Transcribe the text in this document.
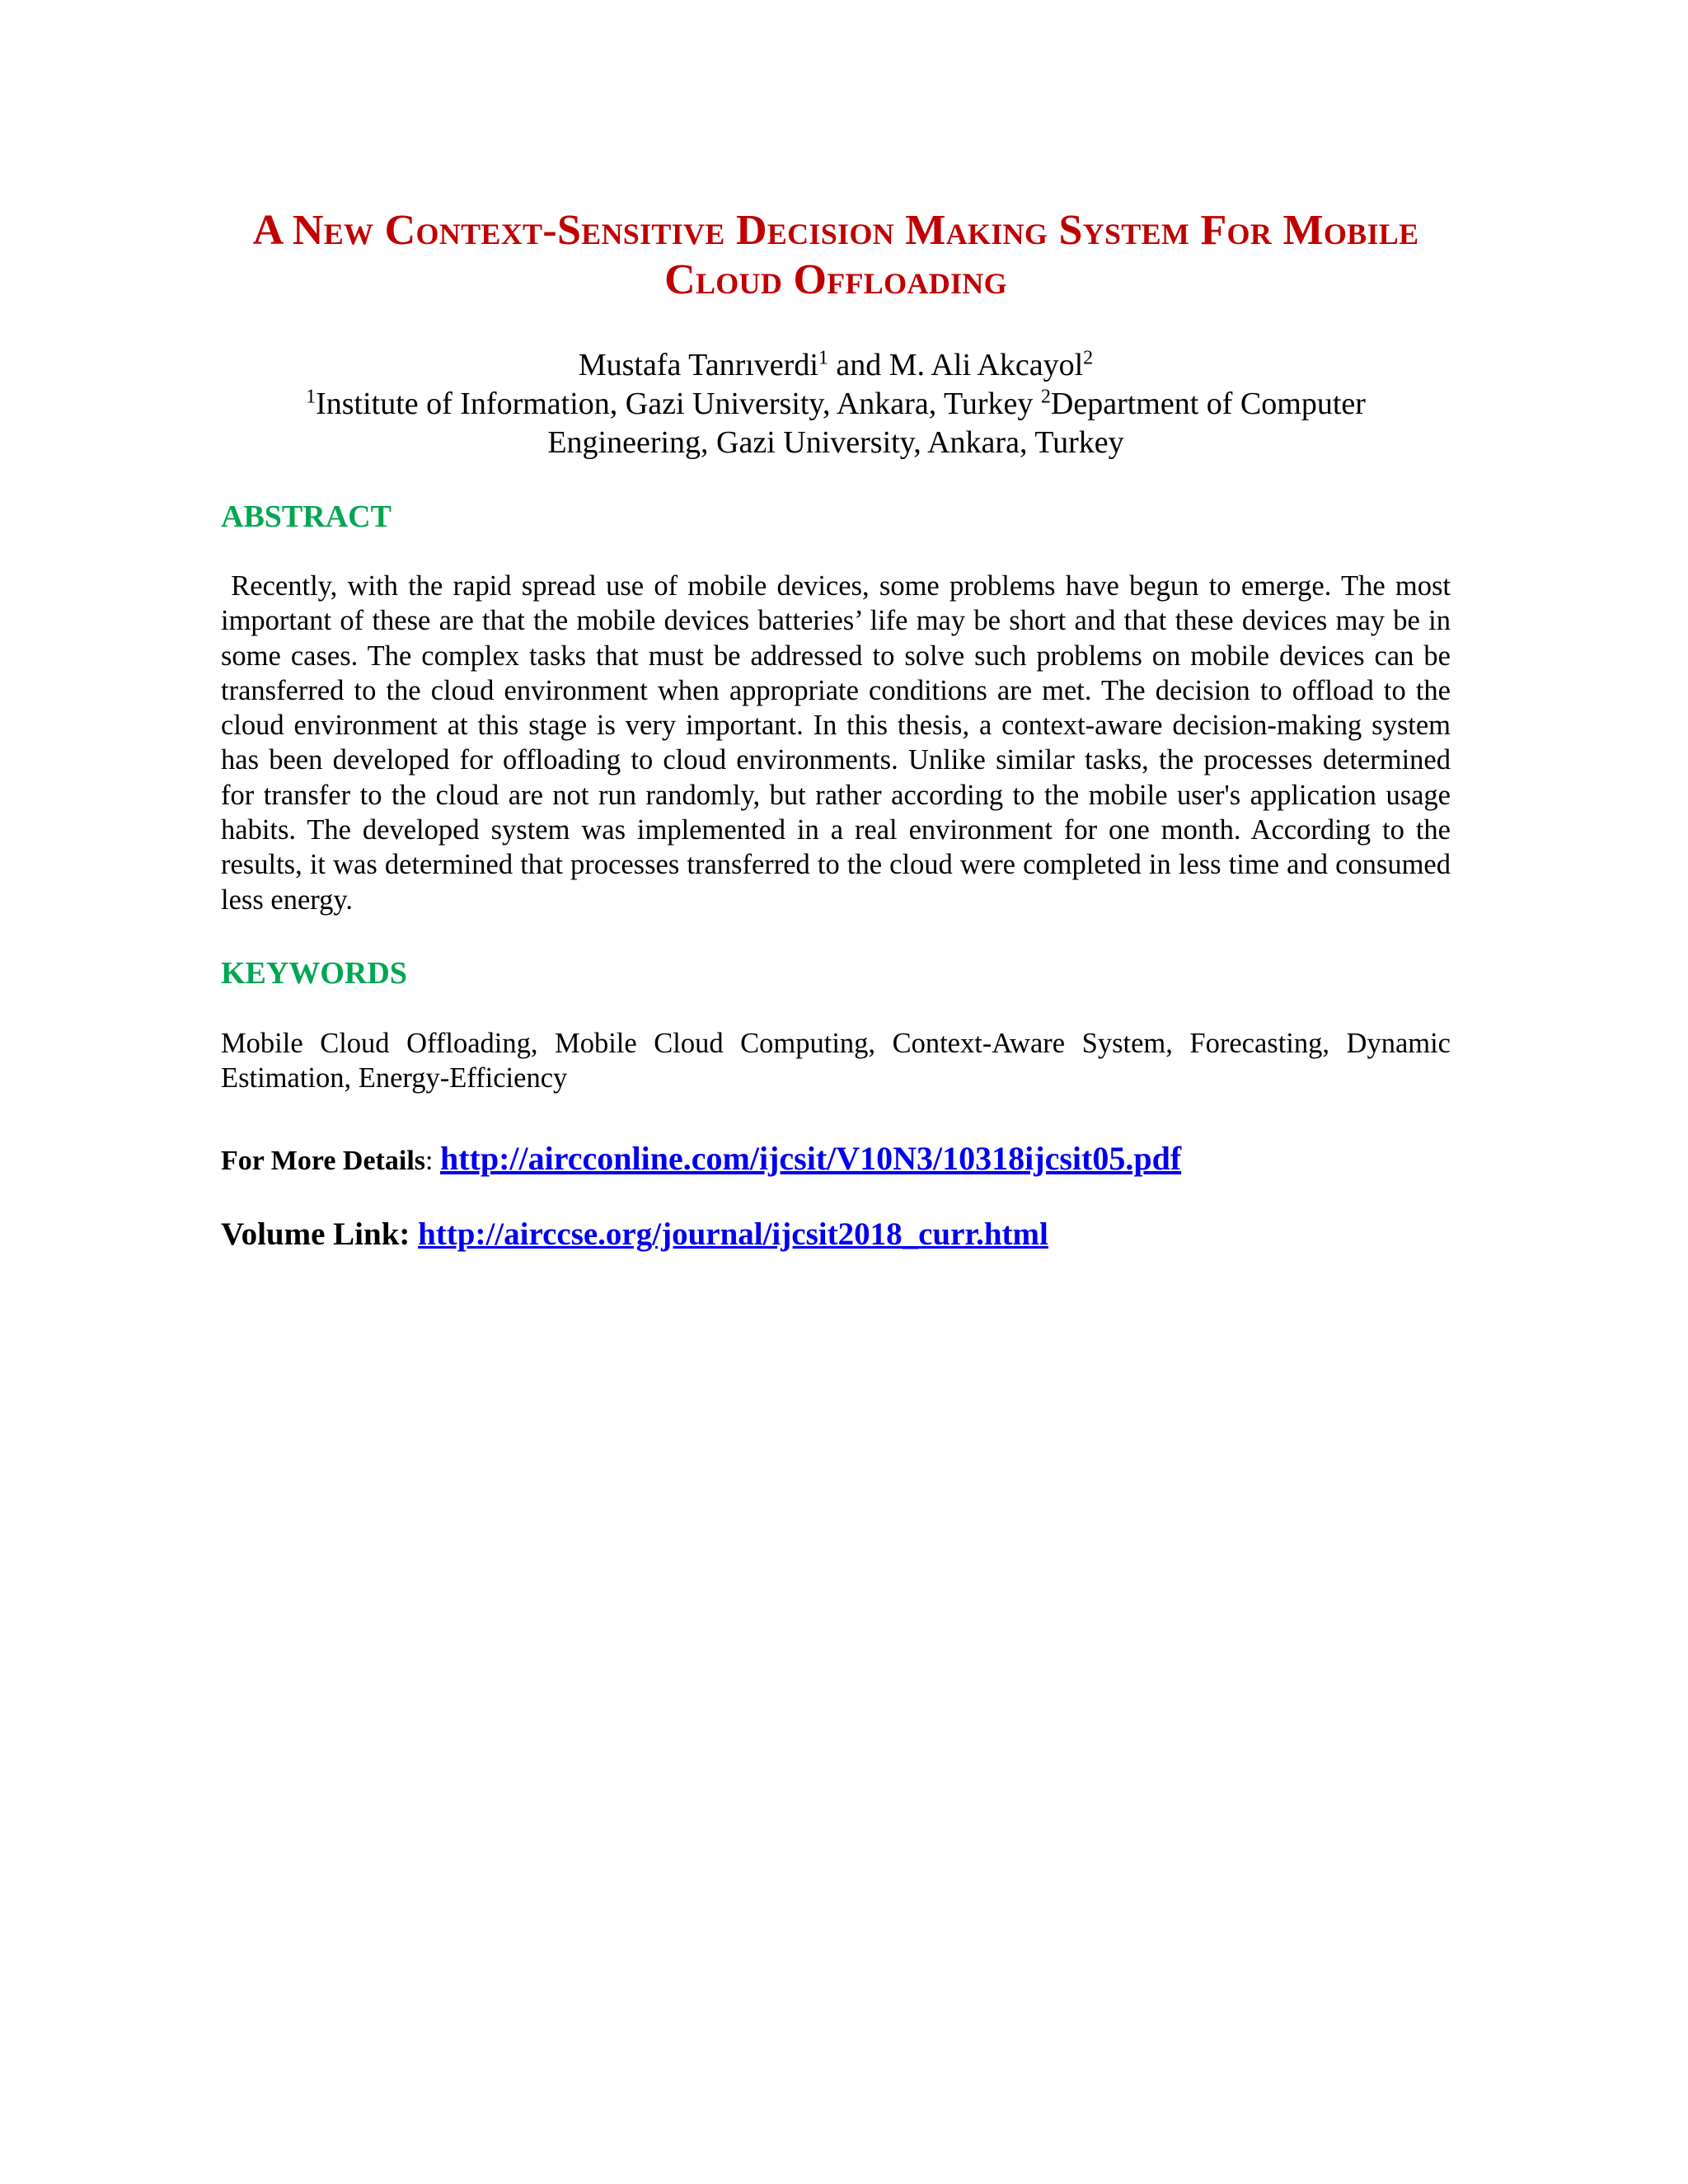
A New Context-Sensitive Decision Making System For Mobile
Cloud Offloading
Mustafa Tanrıverdi$^1$ and M. Ali Akcayol$^2$
$^1$Institute of Information, Gazi University, Ankara, Turkey $^2$Department of Computer
Engineering, Gazi University, Ankara, Turkey
ABSTRACT

Recently, with the rapid spread use of mobile devices, some problems have begun to emerge. The most important of these are that the mobile devices batteries’ life may be short and that these devices may be in some cases. The complex tasks that must be addressed to solve such problems on mobile devices can be transferred to the cloud environment when appropriate conditions are met. The decision to offload to the cloud environment at this stage is very important. In this thesis, a context-aware decision-making system has been developed for offloading to cloud environments. Unlike similar tasks, the processes determined for transfer to the cloud are not run randomly, but rather according to the mobile user's application usage habits. The developed system was implemented in a real environment for one month. According to the results, it was determined that processes transferred to the cloud were completed in less time and consumed less energy.

KEYWORDS

Mobile Cloud Offloading, Mobile Cloud Computing, Context-Aware System, Forecasting, Dynamic Estimation, Energy-Efficiency

For More Details: http://aircconline.com/ijcsit/V10N3/10318ijcsit05.pdf
Volume Link: http://airccse.org/journal/ijcsit2018_curr.html
